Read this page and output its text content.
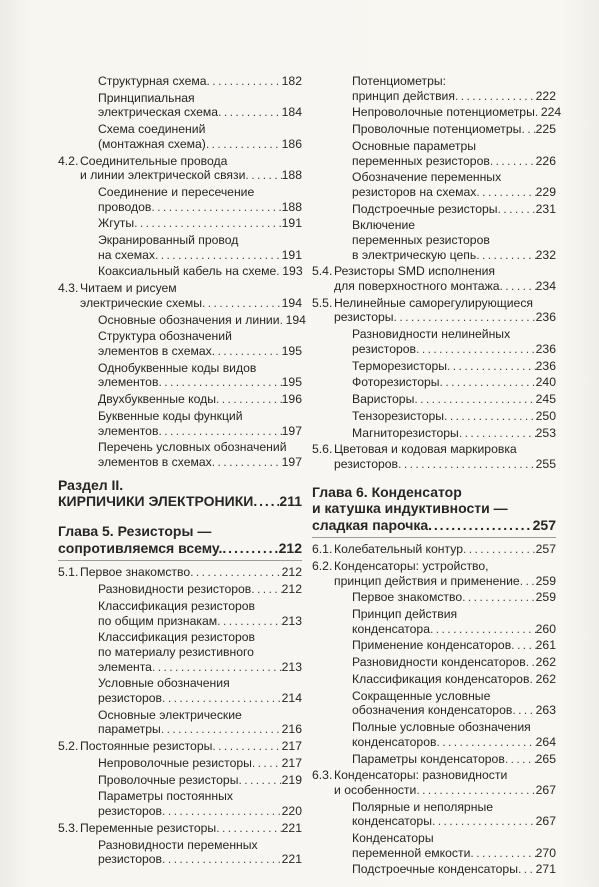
Структурная схема . . .	182
Принципиальная
электрическая схема . . .	184
Схема соединений
(монтажная схема) . . .	186
4.2. Соединительные провода
и линии электрической связи . . .	188
Соединение и пересечение
проводов . . .	188
Жгуты . . .	191
Экранированный провод
на схемах . . .	191
Коаксиальный кабель на схеме . . . 193
4.3. Читаем и рисуем
электрические схемы . . .	194
Основные обозначения и линии . . . 194
Структура обозначений
элементов в схемах . . .	195
Однобуквенные коды видов
элементов . . .	195
Двухбуквенные коды . . .	196
Буквенные коды функций
элементов . . .	197
Перечень условных обозначений
элементов в схемах . . .	197
Раздел II.
КИРПИЧИКИ ЭЛЕКТРОНИКИ . . . 211
Глава 5. Резисторы —
сопротивляемся всему. . . .	212
5.1. Первое знакомство . . .	212
Разновидности резисторов . . . 212
Классификация резисторов
по общим признакам . . .	213
Классификация резисторов
по материалу резистивного
элемента . . .	213
Условные обозначения
резисторов . . .	214
Основные электрические
параметры . . .	216
5.2. Постоянные резисторы . . .	217
Непроволочные резисторы . . . 217
Проволочные резисторы . . .	219
Параметры постоянных
резисторов . . .	220
5.3. Переменные резисторы . . .	221
Разновидности переменных
резисторов . . .	221
Потенциометры:
принцип действия . . .	222
Непроволочные потенциометры . . . 224
Проволочные потенциометры . . . 225
Основные параметры
переменных резисторов . . .	226
Обозначение переменных
резисторов на схемах . . .	229
Подстроечные резисторы . . .	231
Включение
переменных резисторов
в электрическую цепь . . .	232
5.4. Резисторы SMD исполнения
для поверхностного монтажа . . .	234
5.5. Нелинейные саморегулирующиеся
резисторы . . .	236
Разновидности нелинейных
резисторов . . .	236
Терморезисторы . . .	236
Фоторезисторы . . .	240
Варисторы . . .	245
Тензорезисторы . . .	250
Магниторезисторы . . .	253
5.6. Цветовая и кодовая маркировка
резисторов . . .	255
Глава 6. Конденсатор
и катушка индуктивности —
сладкая парочка . . .	257
6.1. Колебательный контур . . .	257
6.2. Конденсаторы: устройство,
принцип действия и применение . . . 259
Первое знакомство . . .	259
Принцип действия
конденсатора . . .	260
Применение конденсаторов . . . 261
Разновидности конденсаторов . . . 262
Классификация конденсаторов . . . 262
Сокращенные условные
обозначения конденсаторов . . . 263
Полные условные обозначения
конденсаторов . . .	264
Параметры конденсаторов . . .	265
6.3. Конденсаторы: разновидности
и особенности . . .	267
Полярные и неполярные
конденсаторы . . .	267
Конденсаторы
переменной емкости . . .	270
Подстроечные конденсаторы . . . 271
